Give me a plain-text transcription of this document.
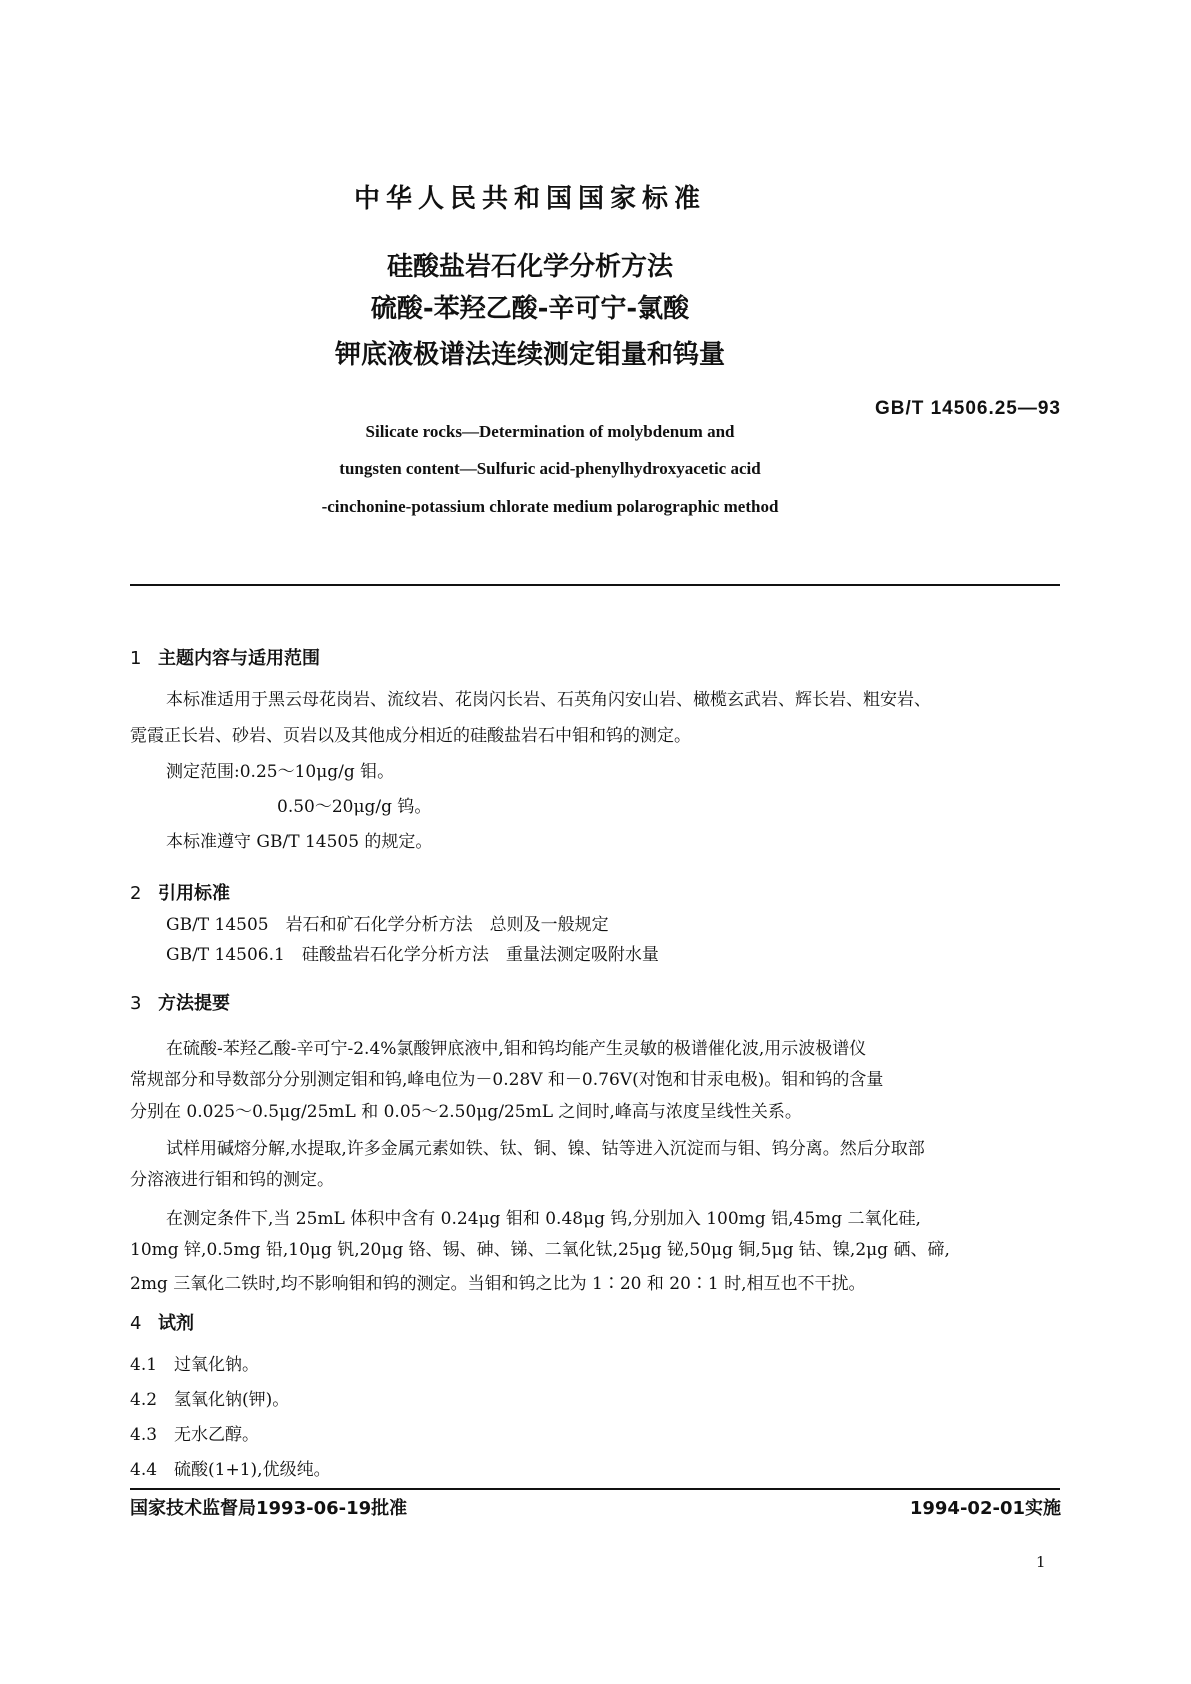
中华人民共和国国家标准
硅酸盐岩石化学分析方法
硫酸-苯羟乙酸-辛可宁-氯酸
钾底液极谱法连续测定钼量和钨量
GB/T 14506.25—93
Silicate rocks—Determination of molybdenum and
tungsten content—Sulfuric acid-phenylhydroxyacetic acid
-cinchonine-potassium chlorate medium polarographic method
1 主题内容与适用范围
本标准适用于黑云母花岗岩、流纹岩、花岗闪长岩、石英角闪安山岩、橄榄玄武岩、辉长岩、粗安岩、
霓霞正长岩、砂岩、页岩以及其他成分相近的硅酸盐岩石中钼和钨的测定。
测定范围:0.25～10μg/g 钼。
0.50～20μg/g 钨。
本标准遵守 GB/T 14505 的规定。
2 引用标准
GB/T 14505　岩石和矿石化学分析方法　总则及一般规定
GB/T 14506.1　硅酸盐岩石化学分析方法　重量法测定吸附水量
3 方法提要
在硫酸-苯羟乙酸-辛可宁-2.4%氯酸钾底液中,钼和钨均能产生灵敏的极谱催化波,用示波极谱仪
常规部分和导数部分分别测定钼和钨,峰电位为－0.28V 和－0.76V(对饱和甘汞电极)。钼和钨的含量
分别在 0.025～0.5μg/25mL 和 0.05～2.50μg/25mL 之间时,峰高与浓度呈线性关系。
试样用碱熔分解,水提取,许多金属元素如铁、钛、铜、镍、钴等进入沉淀而与钼、钨分离。然后分取部
分溶液进行钼和钨的测定。
在测定条件下,当 25mL 体积中含有 0.24μg 钼和 0.48μg 钨,分别加入 100mg 铝,45mg 二氧化硅,
10mg 锌,0.5mg 铅,10μg 钒,20μg 铬、锡、砷、锑、二氧化钛,25μg 铋,50μg 铜,5μg 钴、镍,2μg 硒、碲,
2mg 三氧化二铁时,均不影响钼和钨的测定。当钼和钨之比为 1∶20 和 20∶1 时,相互也不干扰。
4 试剂
4.1　过氧化钠。
4.2　氢氧化钠(钾)。
4.3　无水乙醇。
4.4　硫酸(1+1),优级纯。
国家技术监督局1993-06-19批准	1994-02-01实施
1
